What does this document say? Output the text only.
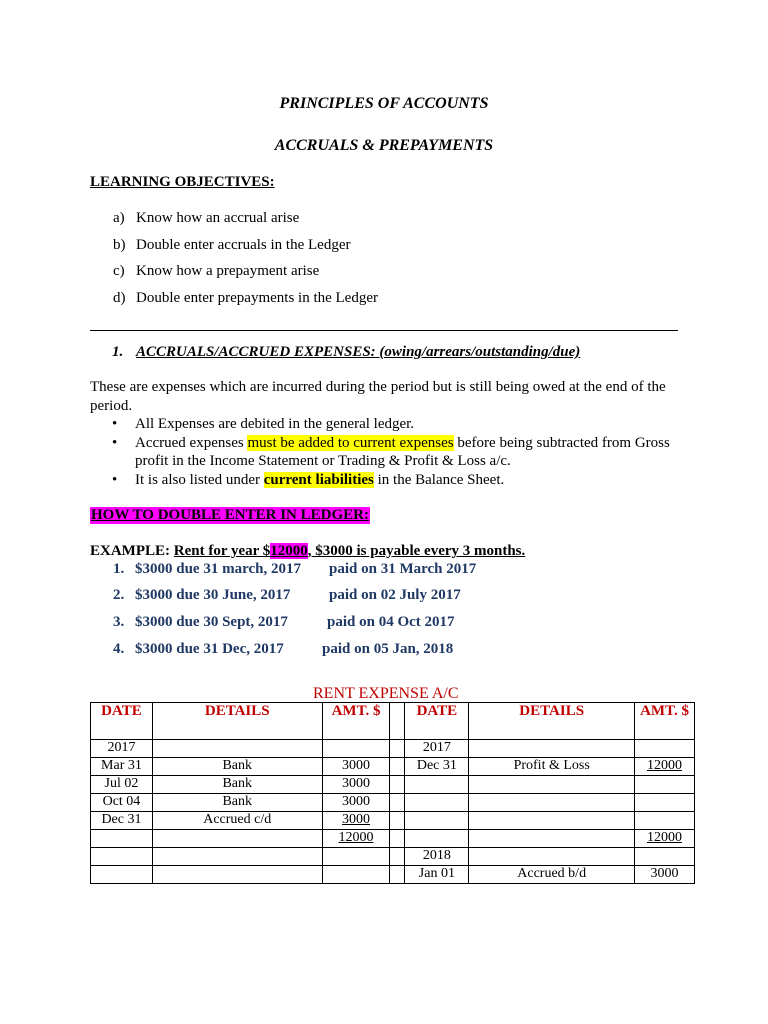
PRINCIPLES OF ACCOUNTS
ACCRUALS & PREPAYMENTS
LEARNING OBJECTIVES:
a) Know how an accrual arise
b) Double enter accruals in the Ledger
c) Know how a prepayment arise
d) Double enter prepayments in the Ledger
1. ACCRUALS/ACCRUED EXPENSES: (owing/arrears/outstanding/due)
These are expenses which are incurred during the period but is still being owed at the end of the period.
• All Expenses are debited in the general ledger.
• Accrued expenses must be added to current expenses before being subtracted from Gross profit in the Income Statement or Trading & Profit & Loss a/c.
• It is also listed under current liabilities in the Balance Sheet.
HOW TO DOUBLE ENTER IN LEDGER:
EXAMPLE: Rent for year $12000, $3000 is payable every 3 months.
1. $3000 due 31 march, 2017 paid on 31 March 2017
2. $3000 due 30 June, 2017	paid on 02 July 2017
3. $3000 due 30 Sept, 2017	paid on 04 Oct 2017
4. $3000 due 31 Dec, 2017	paid on 05 Jan, 2018
RENT EXPENSE A/C
DATE	DETAILS	AMT. $		DATE	DETAILS	AMT. $
2017				2017		
Mar 31	Bank	3000		Dec 31	Profit & Loss	12000
Jul 02	Bank	3000				
Oct 04	Bank	3000				
Dec 31	Accrued c/d	3000				
		12000				12000
				2018		
				Jan 01	Accrued b/d	3000
